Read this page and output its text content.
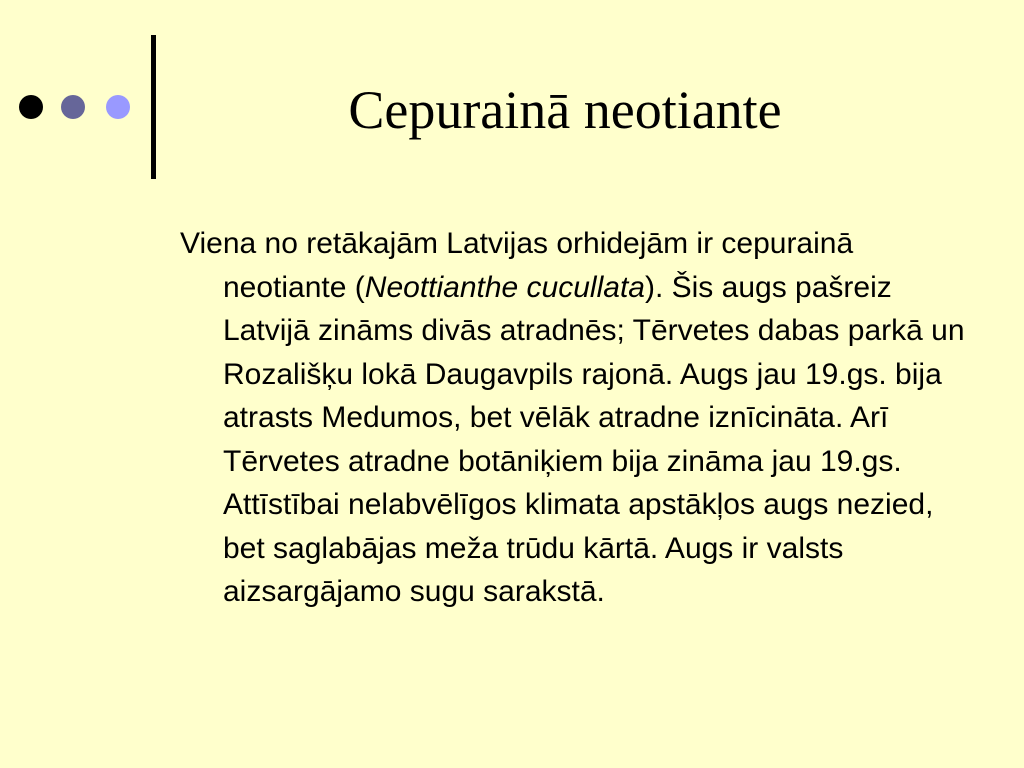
Cepurainā neotiante
Viena no retākajām Latvijas orhidejām ir cepurainā neotiante (Neottianthe cucullata). Šis augs pašreiz Latvijā zināms divās atradnēs; Tērvetes dabas parkā un Rozališķu lokā Daugavpils rajonā. Augs jau 19.gs. bija atrasts Medumos, bet vēlāk atradne iznīcināta. Arī Tērvetes atradne botāniķiem bija zināma jau 19.gs. Attīstībai nelabvēlīgos klimata apstākļos augs nezied, bet saglabājas meža trūdu kārtā. Augs ir valsts aizsargājamo sugu sarakstā.
